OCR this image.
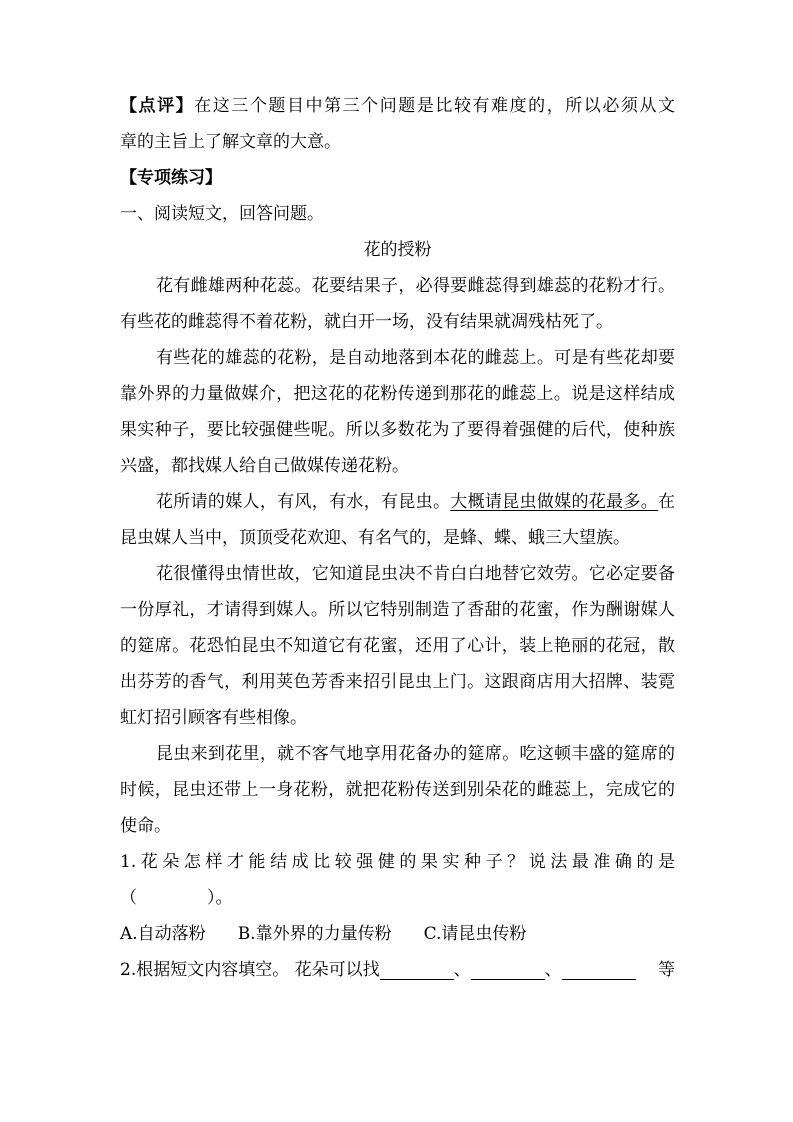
【点评】在这三个题目中第三个问题是比较有难度的，所以必须从文
章的主旨上了解文章的大意。
【专项练习】
一、阅读短文，回答问题。
花的授粉
花有雌雄两种花蕊。花要结果子，必得要雌蕊得到雄蕊的花粉才行。有些花的雌蕊得不着花粉，就白开一场，没有结果就凋残枯死了。
有些花的雄蕊的花粉，是自动地落到本花的雌蕊上。可是有些花却要靠外界的力量做媒介，把这花的花粉传递到那花的雌蕊上。说是这样结成果实种子，要比较强健些呢。所以多数花为了要得着强健的后代，使种族兴盛，都找媒人给自己做媒传递花粉。
花所请的媒人，有风，有水，有昆虫。大概请昆虫做媒的花最多。在昆虫媒人当中，顶顶受花欢迎、有名气的，是蜂、蝶、蛾三大望族。
花很懂得虫情世故，它知道昆虫决不肯白白地替它效劳。它必定要备一份厚礼，才请得到媒人。所以它特别制造了香甜的花蜜，作为酬谢媒人的筵席。花恐怕昆虫不知道它有花蜜，还用了心计，装上艳丽的花冠，散出芬芳的香气，利用荚色芳香来招引昆虫上门。这跟商店用大招牌、装霓虹灯招引顾客有些相像。
昆虫来到花里，就不客气地享用花备办的筵席。吃这顿丰盛的筵席的时候，昆虫还带上一身花粉，就把花粉传送到别朵花的雌蕊上，完成它的使命。
1.花朵怎样才能结成比较强健的果实种子？说法最准确的是
（	）。
A.自动落粉 B.靠外界的力量传粉 C.请昆虫传粉
2.根据短文内容填空。 花朵可以找	、	、	等
